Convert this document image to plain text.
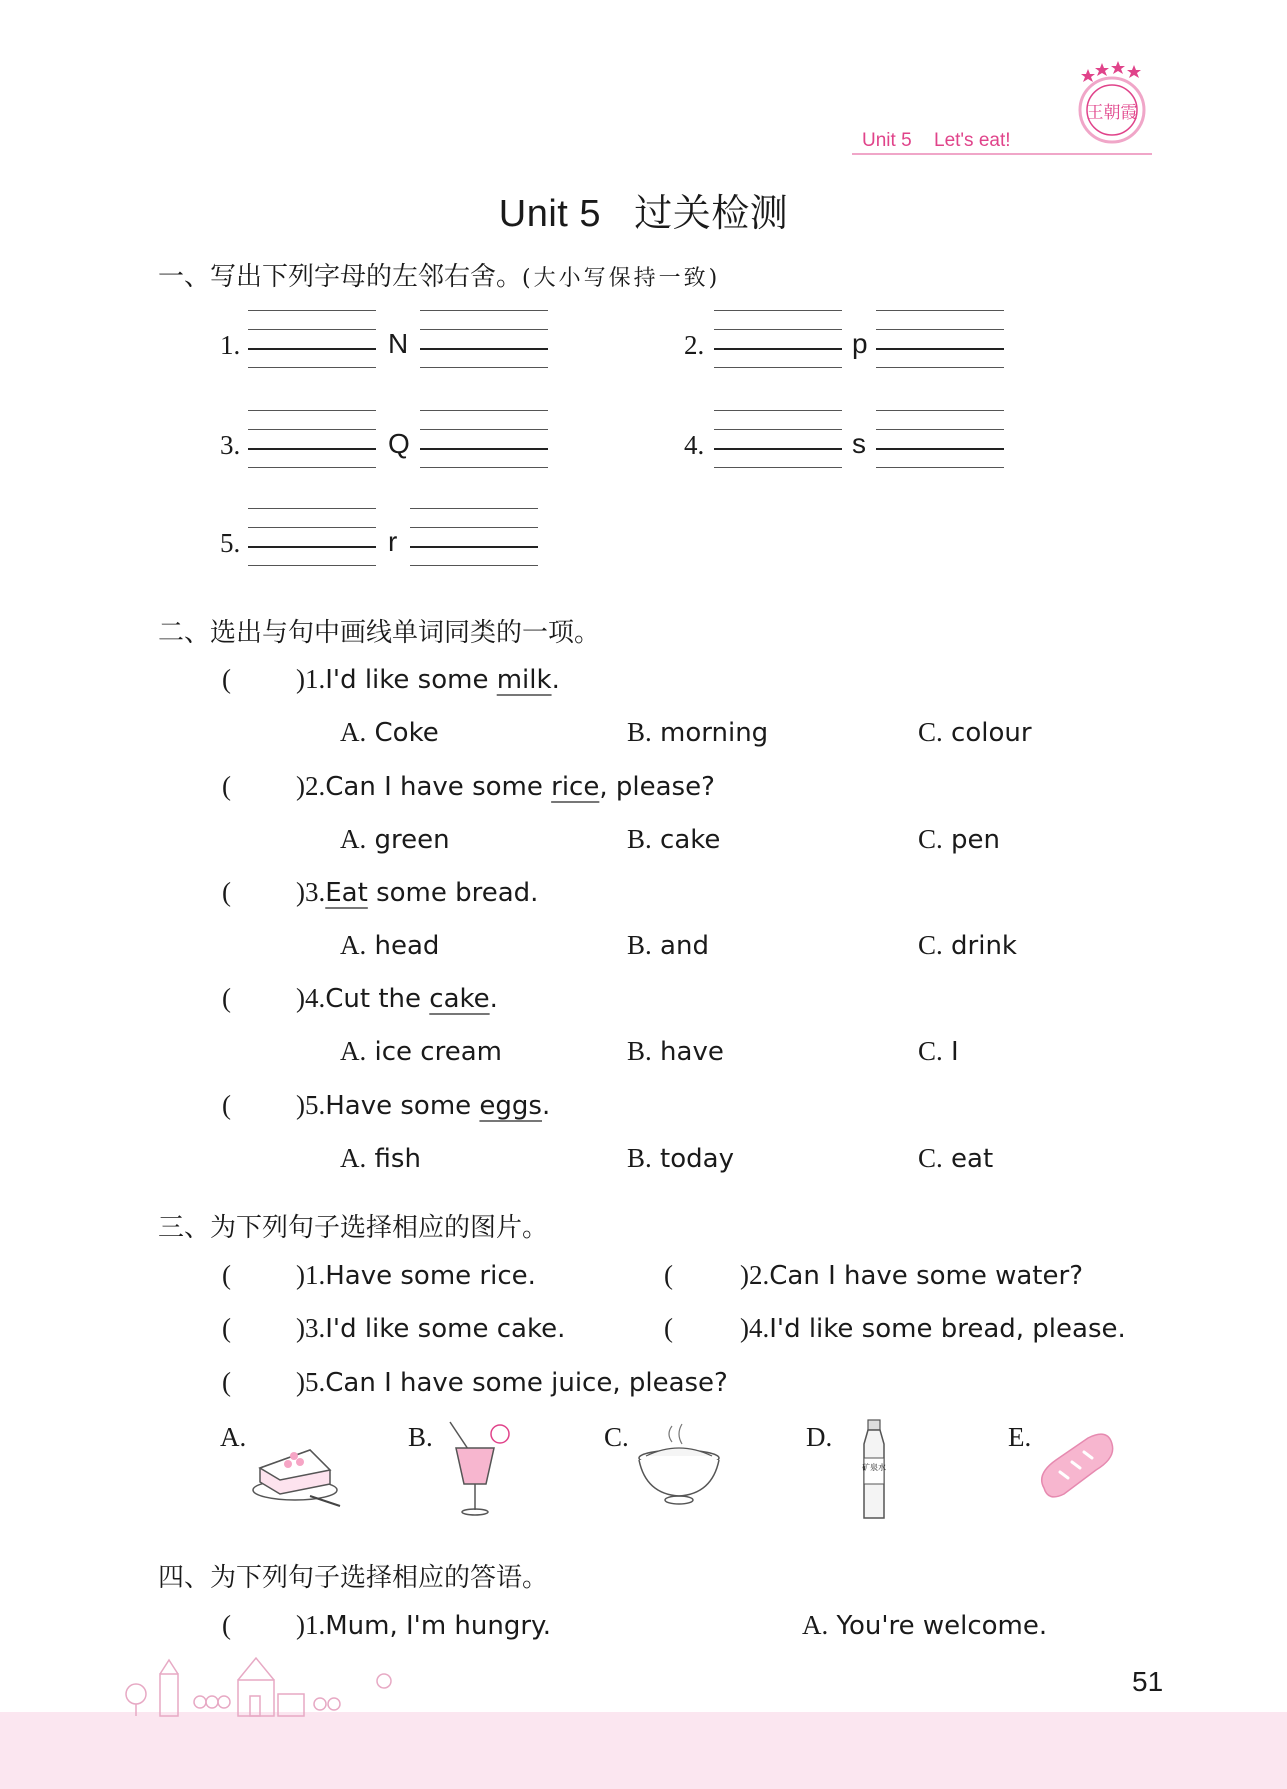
王朝霞
Unit 5 Let's eat!
Unit 5   过关检测
一、写出下列字母的左邻右舍。(大小写保持一致)
1.	N	2.	p
3.	Q	4.	s
5.	r
二、选出与句中画线单词同类的一项。
( )1.I'd like some milk.
A. Coke	B. morning	C. colour
( )2.Can I have some rice, please?
A. green	B. cake	C. pen
( )3.Eat some bread.
A. head	B. and	C. drink
( )4.Cut the cake.
A. ice cream	B. have	C. I
( )5.Have some eggs.
A. fish	B. today	C. eat
三、为下列句子选择相应的图片。
( )1.Have some rice.	( )2.Can I have some water?
( )3.I'd like some cake.	( )4.I'd like some bread, please.
( )5.Can I have some juice, please?
A.	B.	C.	D.
矿泉水
E.
四、为下列句子选择相应的答语。
( )1.Mum, I'm hungry.	A. You're welcome.
51
